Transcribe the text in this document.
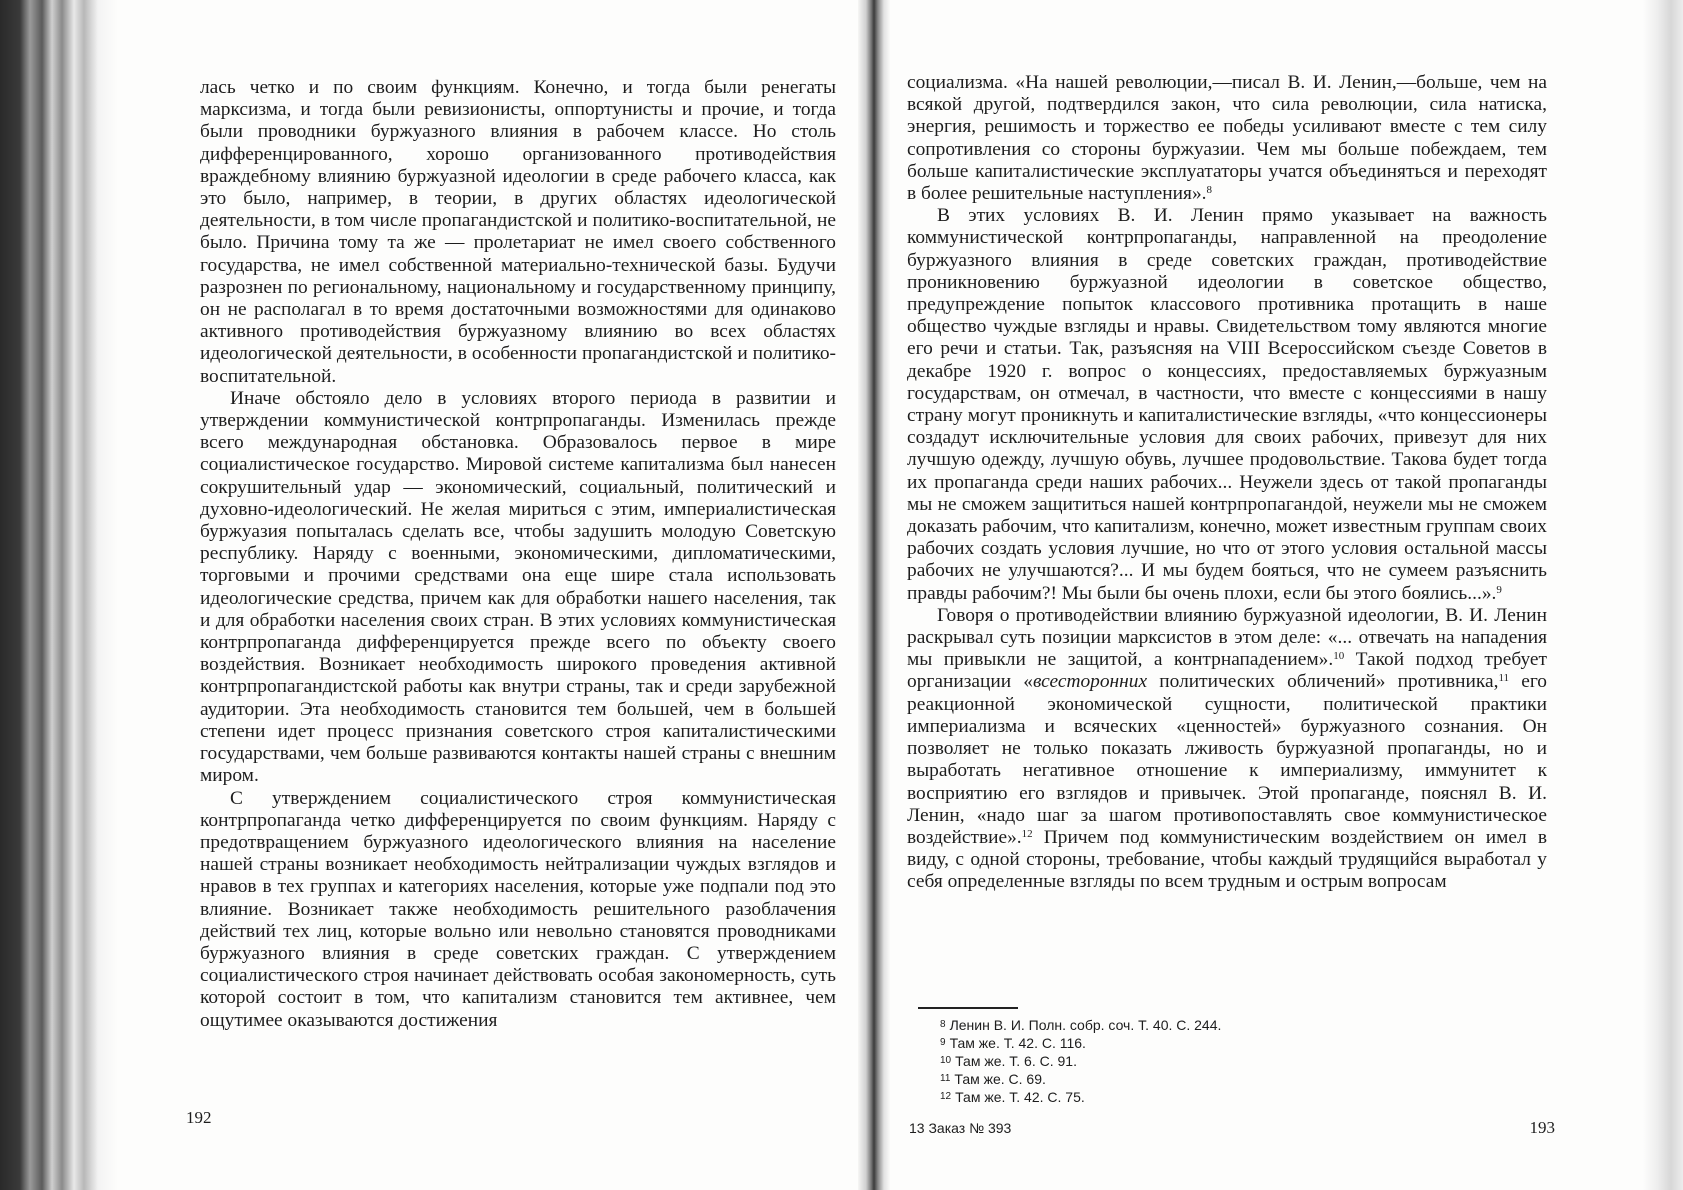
лась четко и по своим функциям. Конечно, и тогда были ренегаты марксизма, и тогда были ревизионисты, оппортунисты и прочие, и тогда были проводники буржуазного влияния в рабочем классе. Но столь дифференцированного, хорошо организованного противодействия враждебному влиянию буржуазной идеологии в среде рабочего класса, как это было, например, в теории, в других областях идеологической деятельности, в том числе пропагандистской и политико-воспитательной, не было. Причина тому та же — пролетариат не имел своего собственного государства, не имел собственной материально-технической базы. Будучи разрознен по региональному, национальному и государственному принципу, он не располагал в то время достаточными возможностями для одинаково активного противодействия буржуазному влиянию во всех областях идеологической деятельности, в особенности пропагандистской и политико-воспитательной.

Иначе обстояло дело в условиях второго периода в развитии и утверждении коммунистической контрпропаганды. Изменилась прежде всего международная обстановка. Образовалось первое в мире социалистическое государство. Мировой системе капитализма был нанесен сокрушительный удар — экономический, социальный, политический и духовно-идеологический. Не желая мириться с этим, империалистическая буржуазия попыталась сделать все, чтобы задушить молодую Советскую республику. Наряду с военными, экономическими, дипломатическими, торговыми и прочими средствами она еще шире стала использовать идеологические средства, причем как для обработки нашего населения, так и для обработки населения своих стран. В этих условиях коммунистическая контрпропаганда дифференцируется прежде всего по объекту своего воздействия. Возникает необходимость широкого проведения активной контрпропагандистской работы как внутри страны, так и среди зарубежной аудитории. Эта необходимость становится тем большей, чем в большей степени идет процесс признания советского строя капиталистическими государствами, чем больше развиваются контакты нашей страны с внешним миром.

С утверждением социалистического строя коммунистическая контрпропаганда четко дифференцируется по своим функциям. Наряду с предотвращением буржуазного идеологического влияния на население нашей страны возникает необходимость нейтрализации чуждых взглядов и нравов в тех группах и категориях населения, которые уже подпали под это влияние. Возникает также необходимость решительного разоблачения действий тех лиц, которые вольно или невольно становятся проводниками буржуазного влияния в среде советских граждан. С утверждением социалистического строя начинает действовать особая закономерность, суть которой состоит в том, что капитализм становится тем активнее, чем ощутимее оказываются достижения

192

социализма. «На нашей революции,—писал В. И. Ленин,—больше, чем на всякой другой, подтвердился закон, что сила революции, сила натиска, энергия, решимость и торжество ее победы усиливают вместе с тем силу сопротивления со стороны буржуазии. Чем мы больше побеждаем, тем больше капиталистические эксплуататоры учатся объединяться и переходят в более решительные наступления».$^8$

В этих условиях В. И. Ленин прямо указывает на важность коммунистической контрпропаганды, направленной на преодоление буржуазного влияния в среде советских граждан, противодействие проникновению буржуазной идеологии в советское общество, предупреждение попыток классового противника протащить в наше общество чуждые взгляды и нравы. Свидетельством тому являются многие его речи и статьи. Так, разъясняя на VIII Всероссийском съезде Советов в декабре 1920 г. вопрос о концессиях, предоставляемых буржуазным государствам, он отмечал, в частности, что вместе с концессиями в нашу страну могут проникнуть и капиталистические взгляды, «что концессионеры создадут исключительные условия для своих рабочих, привезут для них лучшую одежду, лучшую обувь, лучшее продовольствие. Такова будет тогда их пропаганда среди наших рабочих... Неужели здесь от такой пропаганды мы не сможем защититься нашей контрпропагандой, неужели мы не сможем доказать рабочим, что капитализм, конечно, может известным группам своих рабочих создать условия лучшие, но что от этого условия остальной массы рабочих не улучшаются?... И мы будем бояться, что не сумеем разъяснить правды рабочим?! Мы были бы очень плохи, если бы этого боялись...».$^9$

Говоря о противодействии влиянию буржуазной идеологии, В. И. Ленин раскрывал суть позиции марксистов в этом деле: «... отвечать на нападения мы привыкли не защитой, а контрнападением».$^{10}$ Такой подход требует организации «всесторонних политических обличений» противника,$^{11}$ его реакционной экономической сущности, политической практики империализма и всяческих «ценностей» буржуазного сознания. Он позволяет не только показать лживость буржуазной пропаганды, но и выработать негативное отношение к империализму, иммунитет к восприятию его взглядов и привычек. Этой пропаганде, пояснял В. И. Ленин, «надо шаг за шагом противопоставлять свое коммунистическое воздействие».$^{12}$ Причем под коммунистическим воздействием он имел в виду, с одной стороны, требование, чтобы каждый трудящийся выработал у себя определенные взгляды по всем трудным и острым вопросам

$^8$ Ленин В. И. Полн. собр. соч. Т. 40. С. 244.
$^9$ Там же. Т. 42. С. 116.
$^{10}$ Там же. Т. 6. С. 91.
$^{11}$ Там же. С. 69.
$^{12}$ Там же. Т. 42. С. 75.
13 Заказ № 393	193
